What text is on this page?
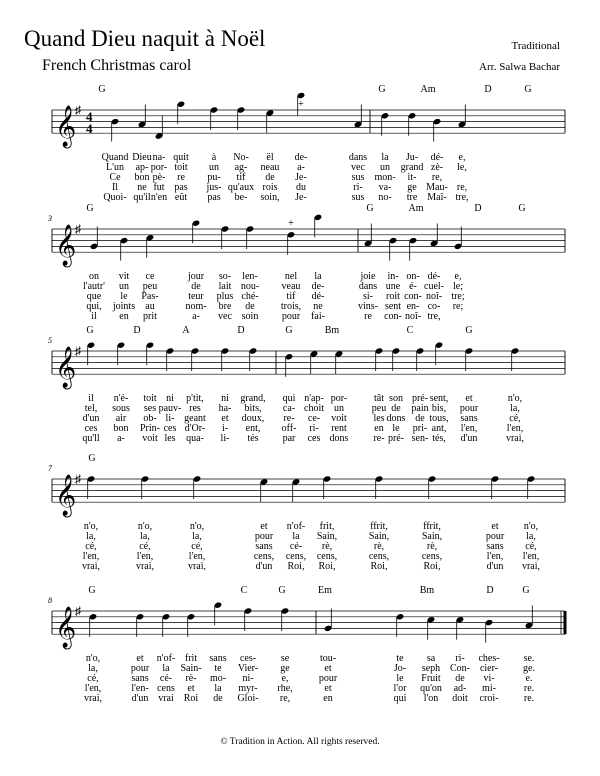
Quand Dieu naquit à Noël
French Christmas carol
Traditional
Arr. Salwa Bachar
𝄞
♯ 4
4
G	G	Am	D	G
+
Quand Dieu na- quit à No- ël de-	dans la Ju- dé- e,
L'un ap- por- toit un ag- neau a-	vec un grand zè- le,
Ce bon pè- re pu- tif de Je-	sus mon- it- re,
Il ne fut pas jus- qu'aux rois du	ri- va- ge Mau- re,
Quoi- qu'il n'en eût pas be- soin, Je-	sus no- tre Maî- tre,
𝄞
♯
3
G	G	Am	D	G
+
on vit ce	jour so- len-	nel la	joie in- on- dé- e,
l'autr' un peu	de lait nou- veau de-	dans une é- cuel- le;
que le Pas-	teur plus ché-	tif dé-	si- roit con- noî- tre;
qui, joints au	nom- bre de	trois, ne	vins- sent en- co- re;
il en prit	a- vec soin pour fai-	re con- noî- tre,
𝄞
♯
5
G	D	A	D	G	Bm	C	G
+
il n'é- toit ni p'tit, ni grand, qui n'ap- por-	tât son pré- sent, et	n'o,
tel, sous ses pauv- res ha- bits, ca- choit un	peu de pain bis, pour	la,
d'un air ob- li- geant et doux, re- ce- voit	les dons de tous, sans	cé,
ces bon Prin- ces d'Or- i- ent, off- ri- rent	en le pri- ant, l'en,	l'en,
qu'll a- voit les qua- li- tés par ces dons re- pré- sen- tés, d'un	vrai,
𝄞
♯
7
G
n'o,	n'o,	n'o,	et n'of- frit,	ffrit,	ffrit,	et	n'o,
la,	la,	la,	pour la Sain,	Sain,	Sain,	pour la,
cé,	cé,	cé,	sans cé- rè,	rè,	rè,	sans cé,
l'en,	l'en,	l'en,	cens, cens, cens,	cens,	cens,	l'en, l'en,
vrai,	vrai,	vrai,	d'un Roi, Roi,	Roi,	Roi,	d'un vrai,
𝄞
♯
8
G	C	G	Em	Bm	D	G
+
n'o,	et n'of- frit sans ces- se	tou-	te sa ri- ches- se.
la,	pour la Sain- te Vier- ge	et	Jo- seph Con- cier- ge.
cé,	sans cé- rè- mo- ni-	e,	pour	le Fruit de vi-	e.
l'en,	l'en- cens et la myr- rhe,	et	l'or qu'on ad- mi-	re.
vrai,	d'un vrai Roi de Gloi- re,	en	qui l'on doit croi-	re.
© Tradition in Action. All rights reserved.
